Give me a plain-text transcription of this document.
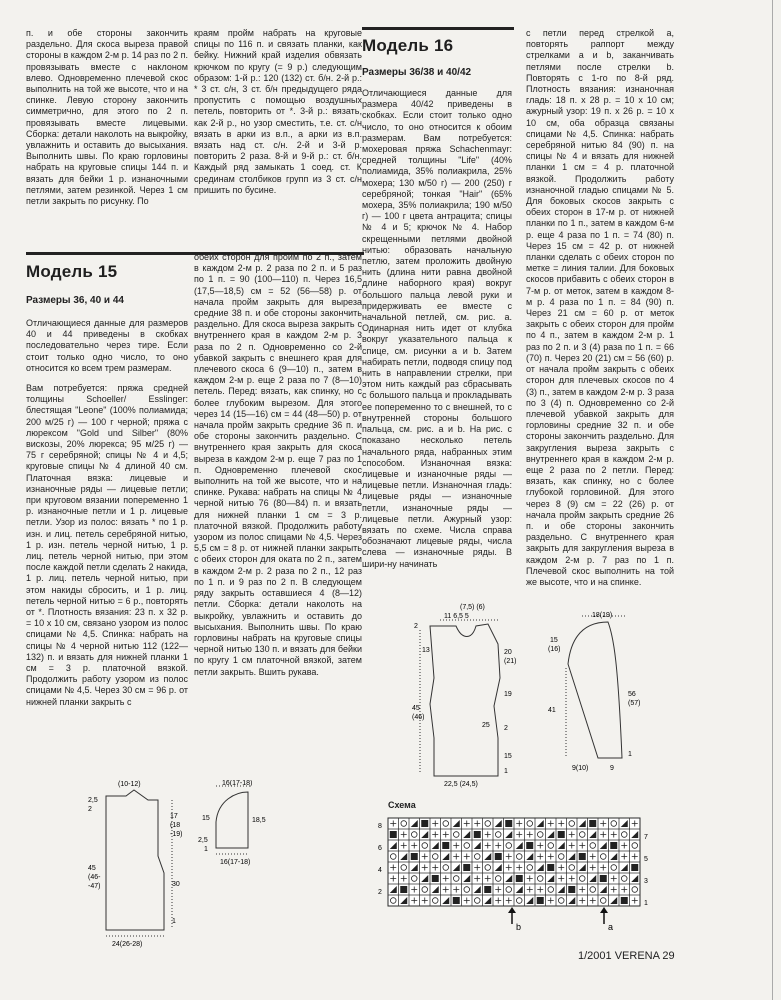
п. и обе стороны закончить раздельно. Для скоса выреза правой стороны в каждом 2-м р. 14 раз по 2 п. провязывать вместе с наклоном влево. Одновременно плечевой скос выполнить на той же высоте, что и на спинке. Левую сторону закончить симметрично, для этого по 2 п. провязывать вместе лицевыми. Сборка: детали наколоть на выкройку, увлажнить и оставить до высыхания. Выполнить швы. По краю горловины набрать на круговые спицы 144 п. и вязать для бейки 1 р. изнаночными петлями, затем резинкой. Через 1 см петли закрыть по рисунку. По

краям пройм набрать на круговые спицы по 116 п. и связать планки, как бейку. Нижний край изделия обвязать крючком по кругу (= 9 р.) следующим образом: 1-й р.: 120 (132) ст. б/н. 2-й р.: * 3 ст. с/н, 3 ст. б/н предыдущего ряда пропустить с помощью воздушных петель, повторить от *. 3-й р.: вязать, как 2-й р., но узор сместить, т.е. ст. с/н вязать в арки из в.п., а арки из в.п. вязать над ст. с/н. 2-й и 3-й р. повторить 2 раза. 8-й и 9-й р.: ст. б/н. Каждый ряд замыкать 1 соед. ст. К срединам столбиков групп из 3 ст. с/н пришить по бусине.

Модель 15
Размеры 36, 40 и 44

Отличающиеся данные для размеров 40 и 44 приведены в скобках последовательно через тире. Если стоит только одно число, то оно относится ко всем трем размерам.

Вам потребуется: пряжа средней толщины Schoeller/ Esslinger: блестящая "Leone" (100% полиамида; 200 м/25 г) — 100 г черной; пряжа с люрексом "Gold und Silber" (80% вискозы, 20% люрекса; 95 м/25 г) — 75 г серебряной; спицы № 4 и 4,5; круговые спицы № 4 длиной 40 см. Платочная вязка: лицевые и изнаночные ряды — лицевые петли; при круговом вязании попеременно 1 р. изнаночные петли и 1 р. лицевые петли. Узор из полос: вязать * по 1 р. изн. и лиц. петель серебряной нитью, 1 р. изн. петель черной нитью, 1 р. лиц. петель черной нитью, при этом после каждой петли сделать 2 накида, 1 р. лиц. петель черной нитью, при этом накиды сбросить, и 1 р. лиц. петель черной нитью = 6 р., повторять от *. Плотность вязания: 23 п. x 32 р. = 10 x 10 см, связано узором из полос спицами № 4,5. Спинка: набрать на спицы № 4 черной нитью 112 (122—132) п. и вязать для нижней планки 1 см = 3 р. платочной вязкой. Продолжить работу узором из полос спицами № 4,5. Через 30 см = 96 р. от нижней планки закрыть с

обеих сторон для пройм по 2 п., затем в каждом 2-м р. 2 раза по 2 п. и 5 раз по 1 п. = 90 (100—110) п. Через 16,5 (17,5—18,5) см = 52 (56—58) р. от начала пройм закрыть для выреза средние 38 п. и обе стороны закончить раздельно. Для скоса выреза закрыть с внутреннего края в каждом 2-м р. 3 раза по 2 п. Одновременно со 2-й убавкой закрыть с внешнего края для плечевого скоса 6 (9—10) п., затем в каждом 2-м р. еще 2 раза по 7 (8—10) петель. Перед: вязать, как спинку, но с более глубоким вырезом. Для этого через 14 (15—16) см = 44 (48—50) р. от начала пройм закрыть средние 36 п. и обе стороны закончить раздельно. С внутреннего края закрыть для скоса выреза в каждом 2-м р. еще 7 раз по 1 п. Одновременно плечевой скос выполнить на той же высоте, что и на спинке. Рукава: набрать на спицы № 4 черной нитью 76 (80—84) п. и вязать для нижней планки 1 см = 3 р. платочной вязкой. Продолжить работу узором из полос спицами № 4,5. Через 5,5 см = 8 р. от нижней планки закрыть с обеих сторон для оката по 2 п., затем в каждом 2-м р. 2 раза по 2 п., 12 раз по 1 п. и 9 раз по 2 п. В следующем ряду закрыть оставшиеся 4 (8—12) петли. Сборка: детали наколоть на выкройку, увлажнить и оставить до высыхания. Выполнить швы. По краю горловины набрать на круговые спицы черной нитью 130 п. и вязать для бейки по кругу 1 см платочной вязкой, затем петли закрыть. Вшить рукава.

Модель 16
Размеры 36/38 и 40/42

Отличающиеся данные для размера 40/42 приведены в скобках. Если стоит только одно число, то оно относится к обоим размерам. Вам потребуется: мохеровая пряжа Schachenmayr: средней толщины "Life" (40% полиамида, 35% полиакрила, 25% мохера; 130 м/50 г) — 200 (250) г серебряной; тонкая "Hair" (65% мохера, 35% полиакрила; 190 м/50 г) — 100 г цвета антрацита; спицы № 4 и 5; крючок № 4. Набор скрещенными петлями двойной нитью: образовать начальную петлю, затем проложить двойную нить (длина нити равна двойной длине наборного края) вокруг большого пальца левой руки и придерживать ее вместе с начальной петлей, см. рис. а. Одинарная нить идет от клубка вокруг указательного пальца к спице, см. рисунки а и b. Затем набирать петли, подводя спицу под нить в направлении стрелки, при этом нить каждый раз сбрасывать с большого пальца и прокладывать ее попеременно то с внешней, то с внутренней стороны большого пальца, см. рис. а и b. На рис. с показано несколько петель начального ряда, набранных этим способом. Изнаночная вязка: лицевые и изнаночные ряды — лицевые петли. Изнаночная гладь: лицевые ряды — изнаночные петли, изнаночные ряды — лицевые петли. Ажурный узор: вязать по схеме. Числа справа обозначают лицевые ряды, числа слева — изнаночные ряды. В шири-ну начинать

с петли перед стрелкой а, повторять раппорт между стрелками а и b, заканчивать петлями после стрелки b. Повторять с 1-го по 8-й ряд. Плотность вязания: изнаночная гладь: 18 п. x 28 р. = 10 x 10 см; ажурный узор: 19 п. x 26 р. = 10 x 10 см, оба образца связаны спицами № 4,5. Спинка: набрать серебряной нитью 84 (90) п. на спицы № 4 и вязать для нижней планки 1 см = 4 р. платочной вязкой. Продолжить работу изнаночной гладью спицами № 5. Для боковых скосов закрыть с обеих сторон в 17-м р. от нижней планки по 1 п., затем в каждом 6-м р. еще 4 раза по 1 п. = 74 (80) п. Через 15 см = 42 р. от нижней планки сделать с обеих сторон по метке = линия талии. Для боковых скосов прибавить с обеих сторон в 7-м р. от меток, затем в каждом 8-м р. 4 раза по 1 п. = 84 (90) п. Через 21 см = 60 р. от меток закрыть с обеих сторон для пройм по 4 п., затем в каждом 2-м р. 1 раз по 2 п. и 3 (4) раза по 1 п. = 66 (70) п. Через 20 (21) см = 56 (60) р. от начала пройм закрыть с обеих сторон для плечевых скосов по 4 (3) п., затем в каждом 2-м р. 3 раза по 3 (4) п. Одновременно со 2-й плечевой убавкой закрыть для горловины средние 32 п. и обе стороны закончить раздельно. Для закругления выреза закрыть с внутреннего края в каждом 2-м р. еще 2 раза по 2 петли. Перед: вязать, как спинку, но с более глубокой горловиной. Для этого через 8 (9) см = 22 (26) р. от начала пройм закрыть средние 26 п. и обе стороны закончить раздельно. С внутреннего края закрыть для закругления выреза в каждом 2-м р. 7 раз по 1 п. Плечевой скос выполнить на той же высоте, что и на спинке.

(10-12)
2,5
2
17
(18
-19)
45
(46-
-47)	30
1
24(26-28)
16(17-18)
15	18,5
2,5
1
16(17-18)
(7,5) (6)
11 6,5 5
2
13	20
(21)
45
(46)
19
25 2
15
1
22,5 (24,5)
18(19)
15
(16)
41
56
(57)
1
9(10)	9
Схема
8
6
4
2
7
5
3
1
b	a
1/2001 VERENA 29
